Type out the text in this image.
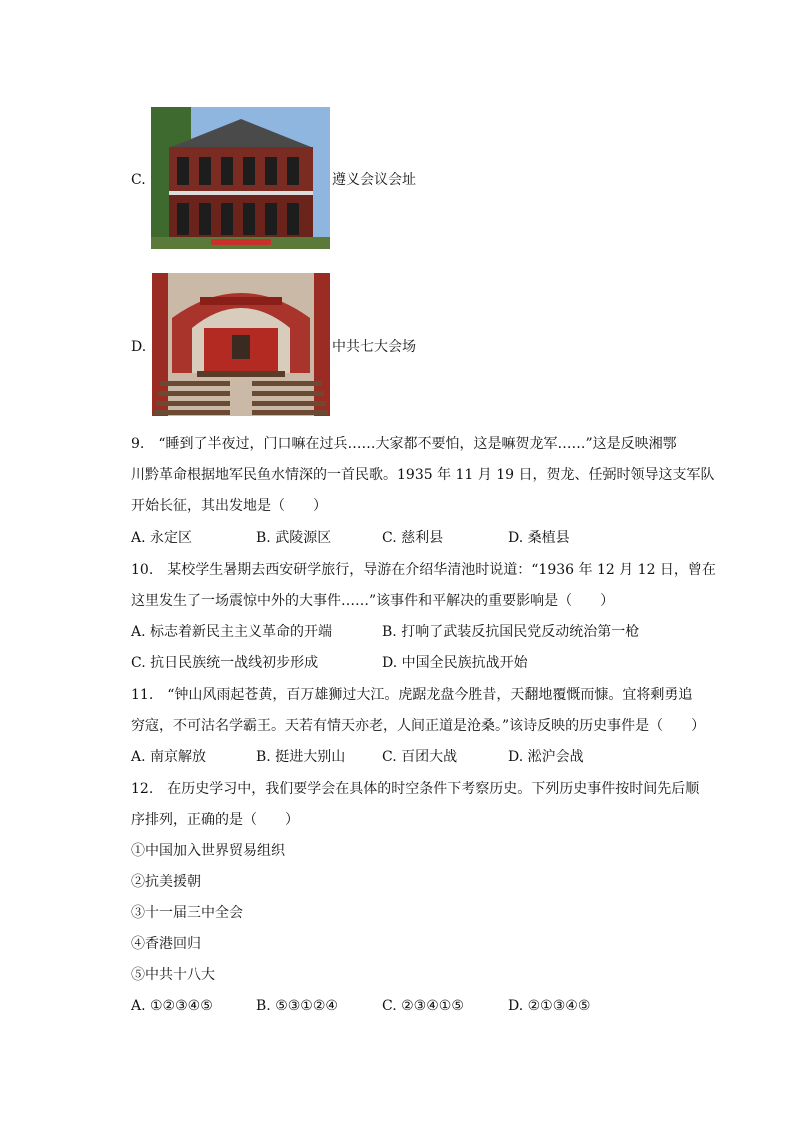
C.	遵义会议会址
D.	中共七大会场
9.　“睡到了半夜过，门口嘛在过兵……大家都不要怕，这是嘛贺龙军……”这是反映湘鄂
川黔革命根据地军民鱼水情深的一首民歌。1935 年 11 月 19 日，贺龙、任弼时领导这支军队
开始长征，其出发地是（　　）
A. 永定区	B. 武陵源区	C. 慈利县	D. 桑植县
10.　某校学生暑期去西安研学旅行，导游在介绍华清池时说道：“1936 年 12 月 12 日，曾在
这里发生了一场震惊中外的大事件……”该事件和平解决的重要影响是（　　）
A. 标志着新民主主义革命的开端	B. 打响了武装反抗国民党反动统治第一枪
C. 抗日民族统一战线初步形成	D. 中国全民族抗战开始
11.　“钟山风雨起苍黄，百万雄狮过大江。虎踞龙盘今胜昔，天翻地覆慨而慷。宜将剩勇追
穷寇，不可沽名学霸王。天若有情天亦老，人间正道是沧桑。”该诗反映的历史事件是（　　）
A. 南京解放	B. 挺进大别山	C. 百团大战	D. 淞沪会战
12.　在历史学习中，我们要学会在具体的时空条件下考察历史。下列历史事件按时间先后顺
序排列，正确的是（　　）
①中国加入世界贸易组织
②抗美援朝
③十一届三中全会
④香港回归
⑤中共十八大
A. ①②③④⑤	B. ⑤③①②④	C. ②③④①⑤	D. ②①③④⑤
